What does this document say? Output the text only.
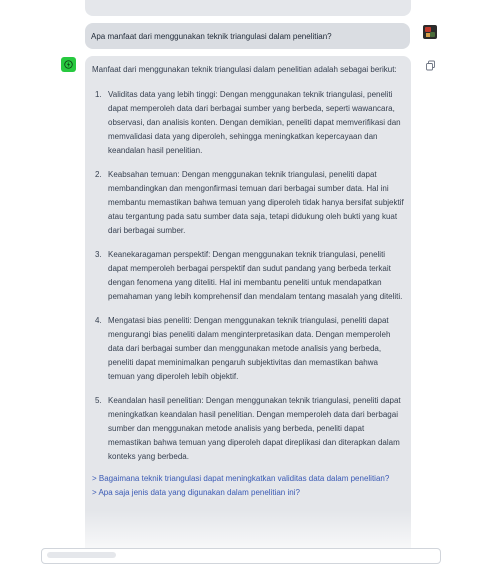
Apa manfaat dari menggunakan teknik triangulasi dalam penelitian?

Manfaat dari menggunakan teknik triangulasi dalam penelitian adalah sebagai berikut:

1. Validitas data yang lebih tinggi: Dengan menggunakan teknik triangulasi, peneliti dapat memperoleh data dari berbagai sumber yang berbeda, seperti wawancara, observasi, dan analisis konten. Dengan demikian, peneliti dapat memverifikasi dan memvalidasi data yang diperoleh, sehingga meningkatkan kepercayaan dan keandalan hasil penelitian.
2. Keabsahan temuan: Dengan menggunakan teknik triangulasi, peneliti dapat membandingkan dan mengonfirmasi temuan dari berbagai sumber data. Hal ini membantu memastikan bahwa temuan yang diperoleh tidak hanya bersifat subjektif atau tergantung pada satu sumber data saja, tetapi didukung oleh bukti yang kuat dari berbagai sumber.
3. Keanekaragaman perspektif: Dengan menggunakan teknik triangulasi, peneliti dapat memperoleh berbagai perspektif dan sudut pandang yang berbeda terkait dengan fenomena yang diteliti. Hal ini membantu peneliti untuk mendapatkan pemahaman yang lebih komprehensif dan mendalam tentang masalah yang diteliti.
4. Mengatasi bias peneliti: Dengan menggunakan teknik triangulasi, peneliti dapat mengurangi bias peneliti dalam menginterpretasikan data. Dengan memperoleh data dari berbagai sumber dan menggunakan metode analisis yang berbeda, peneliti dapat meminimalkan pengaruh subjektivitas dan memastikan bahwa temuan yang diperoleh lebih objektif.
5. Keandalan hasil penelitian: Dengan menggunakan teknik triangulasi, peneliti dapat meningkatkan keandalan hasil penelitian. Dengan memperoleh data dari berbagai sumber dan menggunakan metode analisis yang berbeda, peneliti dapat memastikan bahwa temuan yang diperoleh dapat direplikasi dan diterapkan dalam konteks yang berbeda.
> Bagaimana teknik triangulasi dapat meningkatkan validitas data dalam penelitian?
> Apa saja jenis data yang digunakan dalam penelitian ini?
